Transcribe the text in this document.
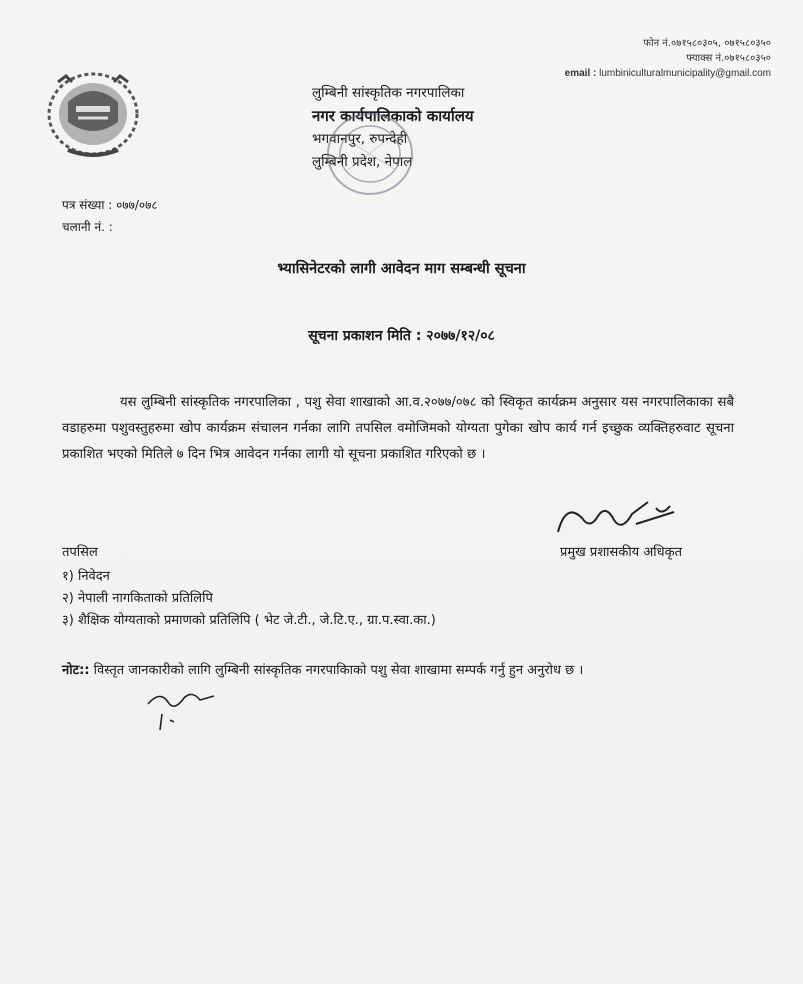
फोन नं.०७१५८०३०५, ०७१५८०३५०
फ्याक्स नं.०७१५८०३५०
email : lumbiniculturalmunicipality@gmail.com
लुम्बिनी सांस्कृतिक नगरपालिका
नगर कार्यपालिकाको कार्यालय
भगवानपुर, रुपन्देही
लुम्बिनी प्रदेश, नेपाल
पत्र संख्या : ०७७/०७८
चलानी नं. :
भ्यासिनेटरको लागी आवेदन माग सम्बन्धी सूचना
सूचना प्रकाशन मिति : २०७७/१२/०८
यस लुम्बिनी सांस्कृतिक नगरपालिका , पशु सेवा शाखाको आ.व.२०७७/०७८ को स्विकृत कार्यक्रम अनुसार यस नगरपालिकाका सबै वडाहरुमा पशुवस्तुहरुमा खोप कार्यक्रम संचालन गर्नका लागि तपसिल वमोजिमको योग्यता पुगेका खोप कार्य गर्न इच्छुक व्यक्तिहरुवाट सूचना प्रकाशित भएको मितिले ७ दिन भित्र आवेदन गर्नका लागी यो सूचना प्रकाशित गरिएको छ ।
प्रमुख प्रशासकीय अधिकृत
तपसिल
१) निवेदन
२) नेपाली नागकिताको प्रतिलिपि
३) शैक्षिक योग्यताको प्रमाणको प्रतिलिपि ( भेट जे.टी., जे.टि.ए., ग्रा.प.स्वा.का.)
नोट:: विस्तृत जानकारीको लागि लुम्बिनी सांस्कृतिक नगरपाकिाको पशु सेवा शाखामा सम्पर्क गर्नु हुन अनुरोध छ ।
